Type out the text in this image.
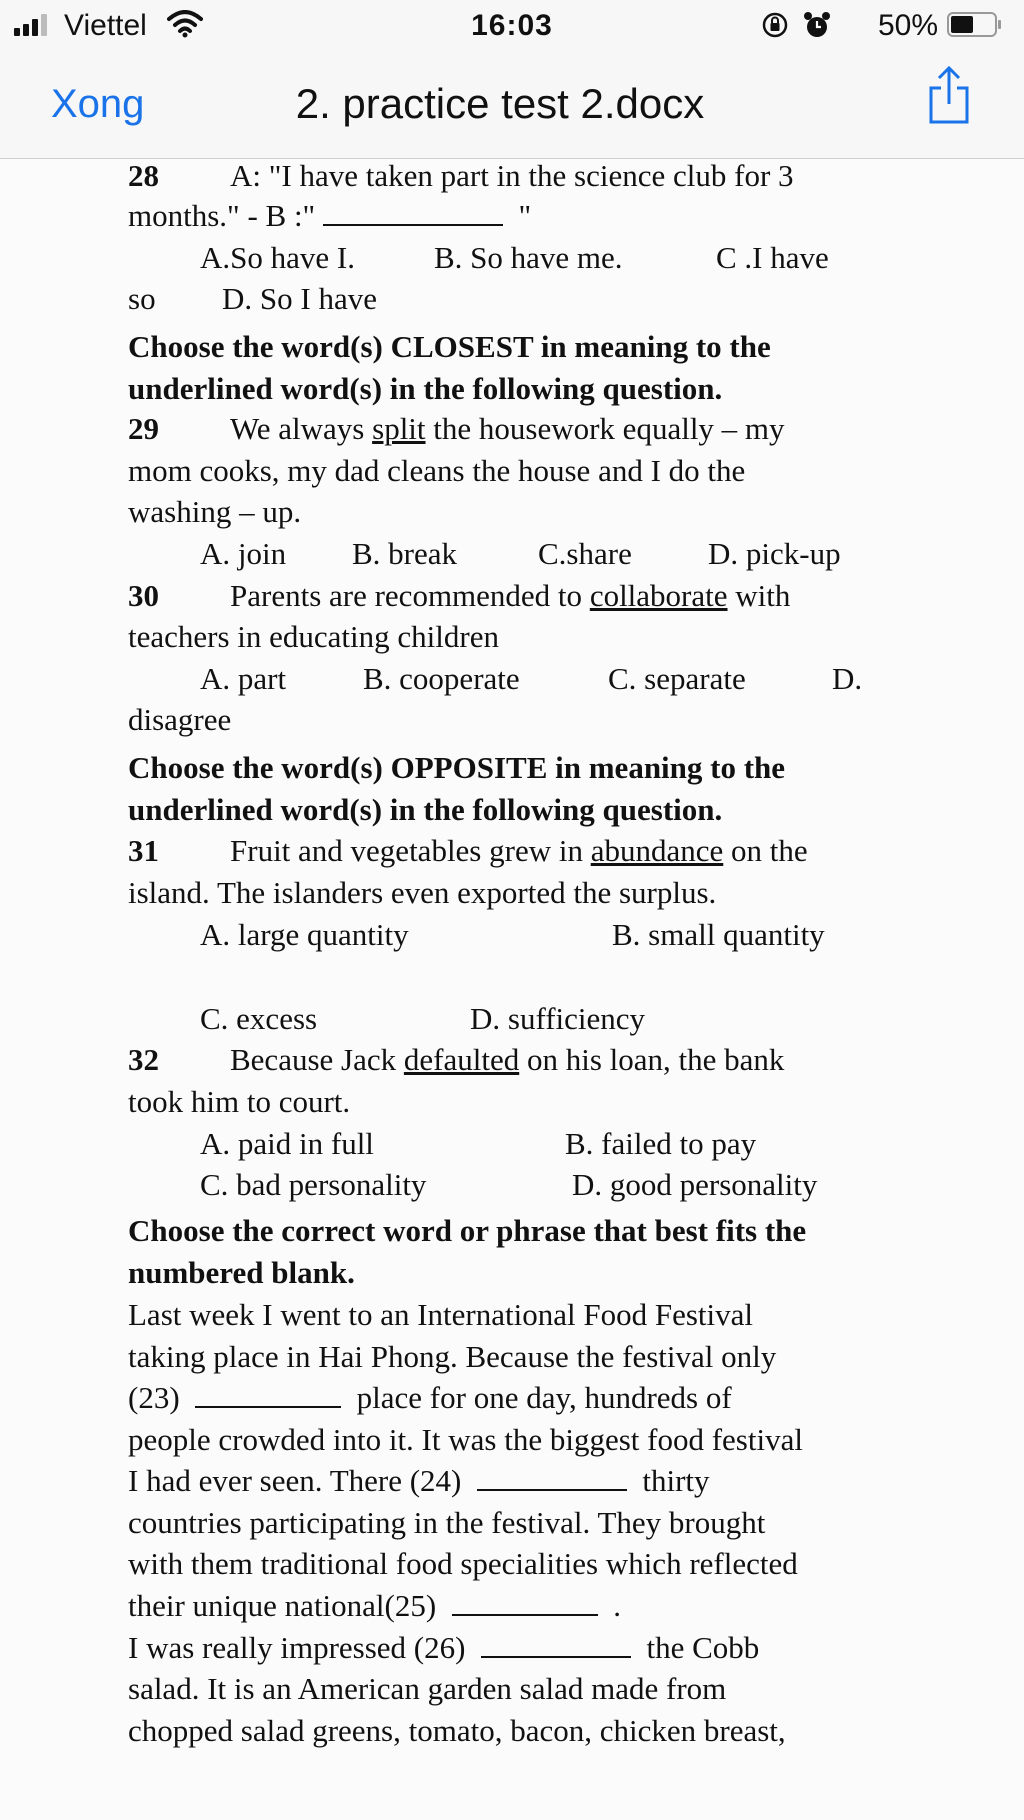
Viettel	16:03	50%
Xong	2. practice test 2.docx
28 A: "I have taken part in the science club for 3
months." - B :"	"
A.So have I.	B. So have me.	C .I have
so D. So I have
Choose the word(s) CLOSEST in meaning to the
underlined word(s) in the following question.
29 We always split the housework equally – my
mom cooks, my dad cleans the house and I do the
washing – up.
A. join B. break	C.share D. pick-up
30 Parents are recommended to collaborate with
teachers in educating children
A. part B. cooperate	C. separate	D.
disagree
Choose the word(s) OPPOSITE in meaning to the
underlined word(s) in the following question.
31 Fruit and vegetables grew in abundance on the
island. The islanders even exported the surplus.
A. large quantity	B. small quantity
C. excess	D. sufficiency
32 Because Jack defaulted on his loan, the bank
took him to court.
A. paid in full	B. failed to pay
C. bad personality	D. good personality
Choose the correct word or phrase that best fits the
numbered blank.
Last week I went to an International Food Festival
taking place in Hai Phong. Because the festival only
(23)	place for one day, hundreds of
people crowded into it. It was the biggest food festival
I had ever seen. There (24)	thirty
countries participating in the festival. They brought
with them traditional food specialities which reflected
their unique national(25)	.
I was really impressed (26)	the Cobb
salad. It is an American garden salad made from
chopped salad greens, tomato, bacon, chicken breast,
